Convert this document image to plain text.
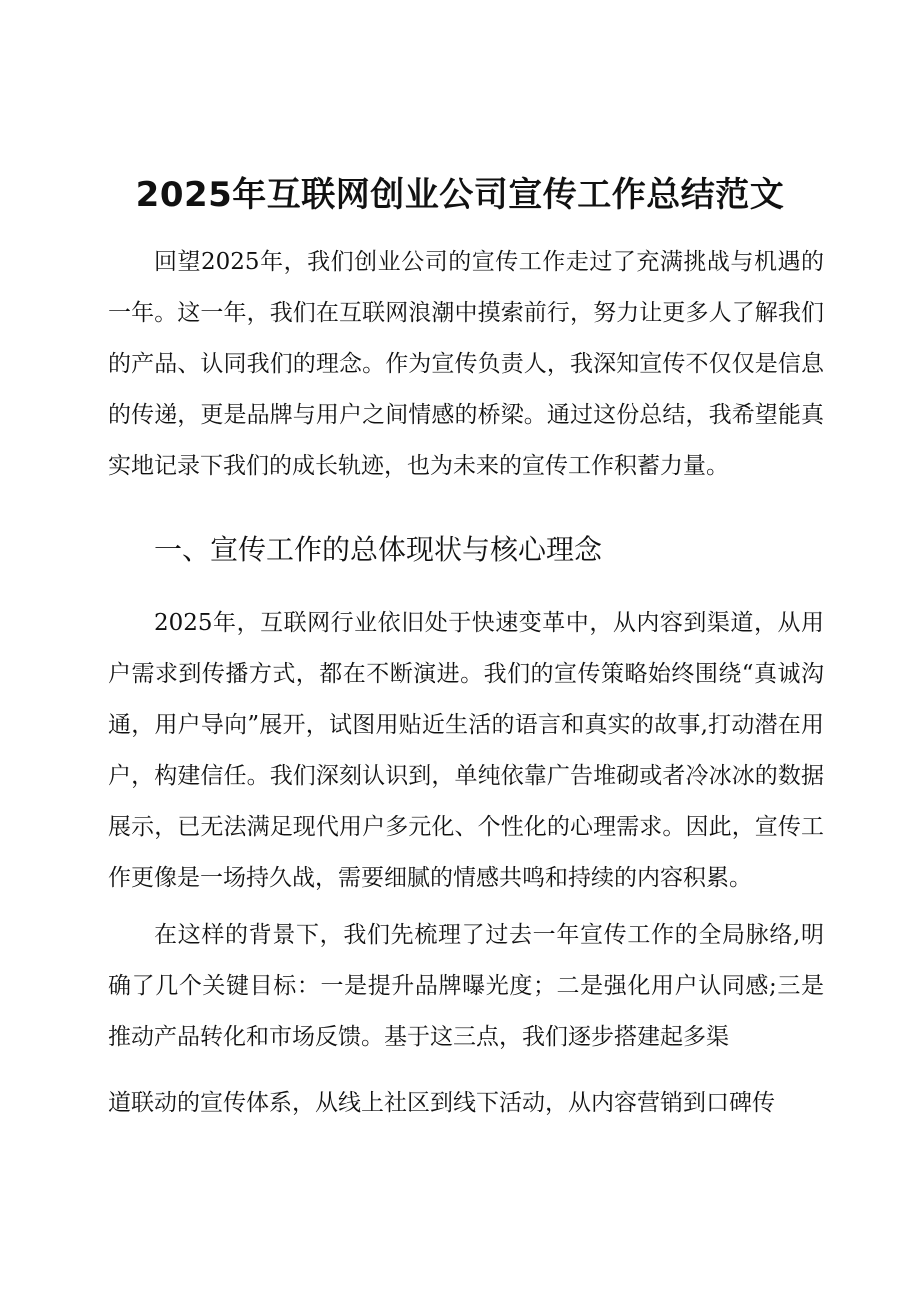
2025年互联网创业公司宣传工作总结范文

回望2025年，我们创业公司的宣传工作走过了充满挑战与机遇的一年。这一年，我们在互联网浪潮中摸索前行，努力让更多人了解我们的产品、认同我们的理念。作为宣传负责人，我深知宣传不仅仅是信息的传递，更是品牌与用户之间情感的桥梁。通过这份总结，我希望能真实地记录下我们的成长轨迹，也为未来的宣传工作积蓄力量。

一、宣传工作的总体现状与核心理念

2025年，互联网行业依旧处于快速变革中，从内容到渠道，从用户需求到传播方式，都在不断演进。我们的宣传策略始终围绕“真诚沟通，用户导向”展开，试图用贴近生活的语言和真实的故事,打动潜在用户，构建信任。我们深刻认识到，单纯依靠广告堆砌或者冷冰冰的数据展示，已无法满足现代用户多元化、个性化的心理需求。因此，宣传工作更像是一场持久战，需要细腻的情感共鸣和持续的内容积累。

在这样的背景下，我们先梳理了过去一年宣传工作的全局脉络,明确了几个关键目标：一是提升品牌曝光度；二是强化用户认同感;三是推动产品转化和市场反馈。基于这三点，我们逐步搭建起多渠

道联动的宣传体系，从线上社区到线下活动，从内容营销到口碑传
